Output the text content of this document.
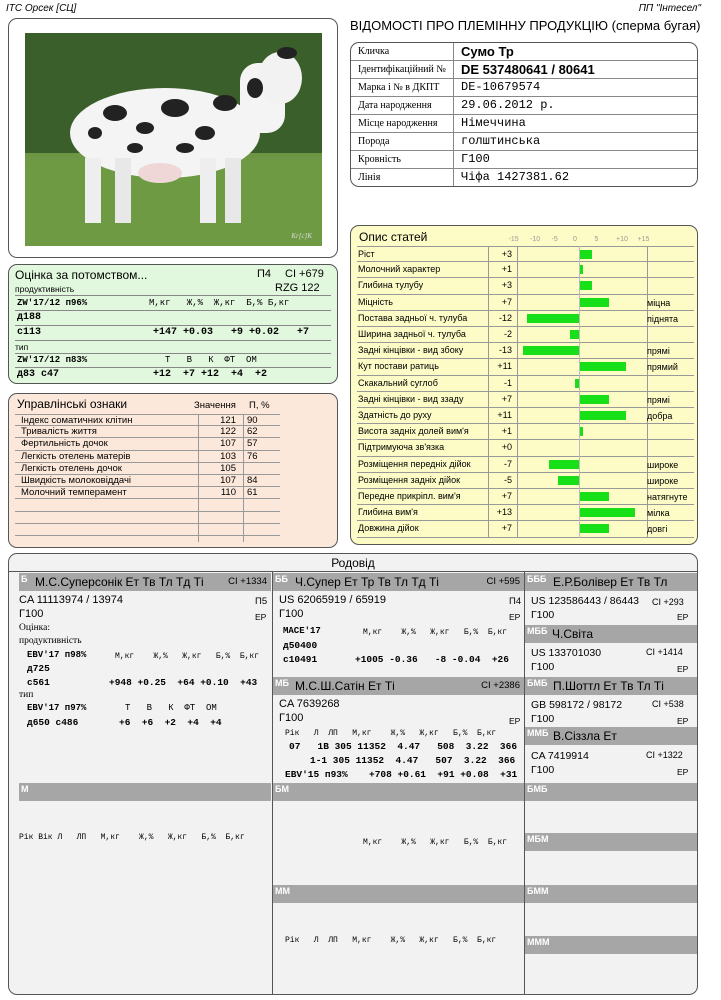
ІТС Орсек [СЦ]	ПП "Інтесел"
Kr[c]K
ВІДОМОСТІ ПРО ПЛЕМІННУ ПРОДУКЦІЮ (сперма бугая)
Кличка	Сумо Тр
Ідентифікаційний №	DE 537480641 / 80641
Марка і № в ДКПТ	DE-10679574
Дата народження	29.06.2012 р.
Місце народження	Німеччина
Порода	голштинська
Кровність	Г100
Лінія	Чіфа 1427381.62
Оцінка за потомством...	П4 CI +679
продуктивність	RZG 122
ZW'17/12 п96%	М,кг   Ж,%  Ж,кг  Б,% Б,кг
д188
с113	+147 +0.03   +9 +0.02   +7
тип
ZW'17/12 п83%	Т   В   К  ФТ  ОМ
д83 с47	+12  +7 +12  +4  +2
Управлінські ознаки	Значення П, %
Індекс соматичних клітин	121	90
Тривалість життя	122	62
Фертильність дочок	107	57
Легкість отелень матерів	103	76
Легкість отелень дочок	105
Швидкість молоковіддачі	107	84
Молочний темперамент	110	61
Опис статей	-15 -10 -5 0	5	+10 +15
Ріст	+3
Молочний характер	+1
Глибина тулубу	+3
Міцність	+7	міцна
Постава задньої ч. тулуба	-12	піднята
Ширина задньої ч. тулуба	-2
Задні кінцівки - вид збоку	-13	прямі
Кут постави ратиць	+11	прямий
Скакальний суглоб	-1
Задні кінцівки - вид ззаду	+7	прямі
Здатність до руху	+11	добра
Висота задніх долей вим'я	+1
Підтримуюча зв'язка	+0
Розміщення передніх дійок	-7	широке
Розміщення задніх дійок	-5	широке
Передне прикріпл. вим'я	+7	натягнуте
Глибина вим'я	+13	мілка
Довжина дійок	+7	довгі
Родовід
Б М.С.Суперсонік Ет Тв Тл Тд Ті	CI +1334
CA 11113974 / 13974	П5
Г100	ЕР
Оцінка:
продуктивність
EBV'17 п98%	М,кг    Ж,%   Ж,кг   Б,%  Б,кг
д725
с561	+948 +0.25  +64 +0.10  +43
тип
EBV'17 п97%	Т   В   К  ФТ  ОМ
д650 с486	+6  +6  +2  +4  +4
ББ Ч.Супер Ет Тр Тв Тл Тд Ті	CI +595
US 62065919 / 65919	П4
Г100	ЕР
MACE'17	М,кг    Ж,%   Ж,кг   Б,%  Б,кг
д50400
с10491	+1005 -0.36   -8 -0.04  +26
БББ Е.Р.Болівер Ет Тв Тл
US 123586443 / 86443 CI +293
Г100	ЕР
МББ Ч.Світа
US 133701030	CI +1414
Г100	ЕР
МБ М.С.Ш.Сатін Ет Ті	CI +2386
CA 7639268
Г100	ЕР
Рік   Л  ЛП   М,кг    Ж,%   Ж,кг   Б,%  Б,кг
07   1В 305 11352  4.47   508  3.22  366
1-1 305 11352  4.47   507  3.22  366
EBV'15 п93% +708 +0.61  +91 +0.08  +31
БМБ П.Шоттл Ет Тв Тл Ті
GB 598172 / 98172	CI +538
Г100	ЕР
ММБ В.Сіззла Ет
CA 7419914	CI +1322
Г100	ЕР
М
Рік Вік Л   ЛП   М,кг    Ж,%   Ж,кг   Б,%  Б,кг
БМ
М,кг    Ж,%   Ж,кг   Б,%  Б,кг
БМБ
МБМ
ММ
Рік   Л  ЛП   М,кг    Ж,%   Ж,кг   Б,%  Б,кг
БММ
МММ
